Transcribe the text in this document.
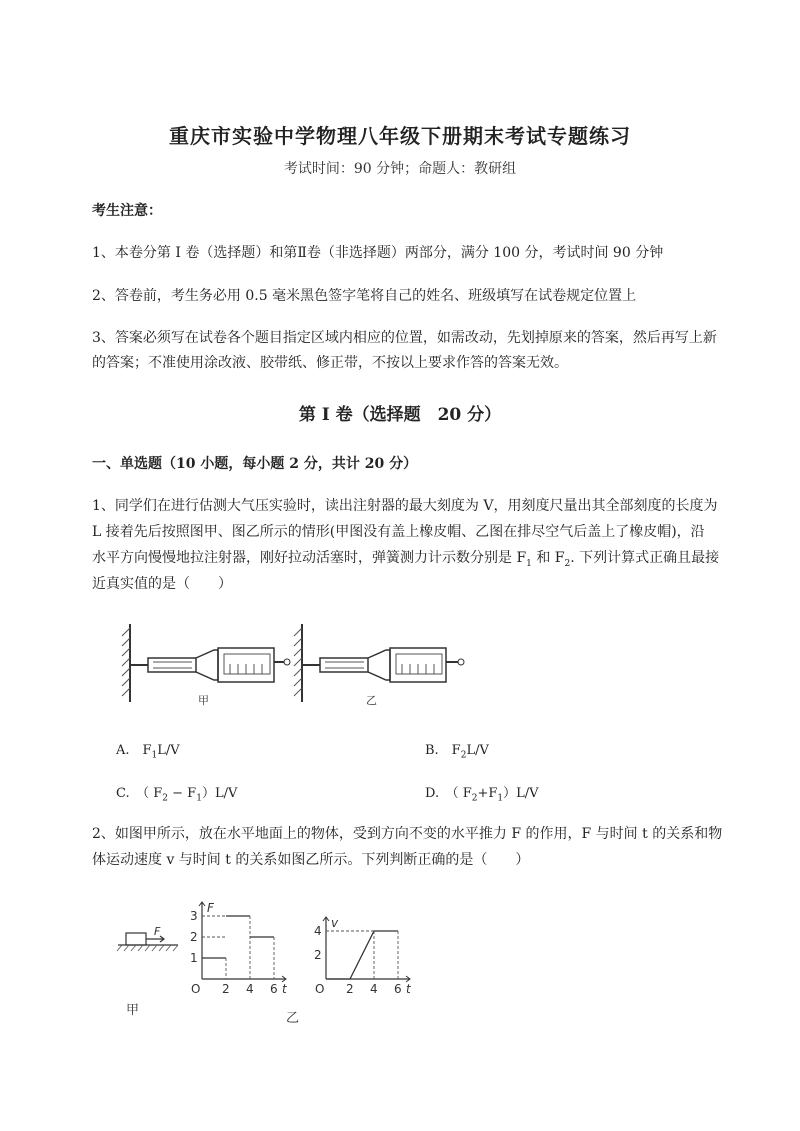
重庆市实验中学物理八年级下册期末考试专题练习
考试时间：90 分钟；命题人：教研组
考生注意：
1、本卷分第 I 卷（选择题）和第Ⅱ卷（非选择题）两部分，满分 100 分，考试时间 90 分钟
2、答卷前，考生务必用 0.5 毫米黑色签字笔将自己的姓名、班级填写在试卷规定位置上
3、答案必须写在试卷各个题目指定区域内相应的位置，如需改动，先划掉原来的答案，然后再写上新
的答案；不准使用涂改液、胶带纸、修正带，不按以上要求作答的答案无效。
第 I 卷（选择题　20 分）
一、单选题（10 小题，每小题 2 分，共计 20 分）
1、同学们在进行估测大气压实验时，读出注射器的最大刻度为 V，用刻度尺量出其全部刻度的长度为
L 接着先后按照图甲、图乙所示的情形(甲图没有盖上橡皮帽、乙图在排尽空气后盖上了橡皮帽)，沿
水平方向慢慢地拉注射器，刚好拉动活塞时，弹簧测力计示数分别是 $F_1$ 和 $F_2$. 下列计算式正确且最接
近真实值的是（　　）
甲	乙
A.　$F_1L/V$	B.　$F_2L/V$
C.　（ $F_2 - F_1)L/V$	D.　（ $F_2+F_1)L/V$
2、如图甲所示，放在水平地面上的物体，受到方向不变的水平推力 F 的作用，F 与时间 t 的关系和物
体运动速度 v 与时间 t 的关系如图乙所示。下列判断正确的是（　　）
F
甲
t
F
O 2 4 6
1
2
3
t
v
O 2 4 6
2
4
乙
